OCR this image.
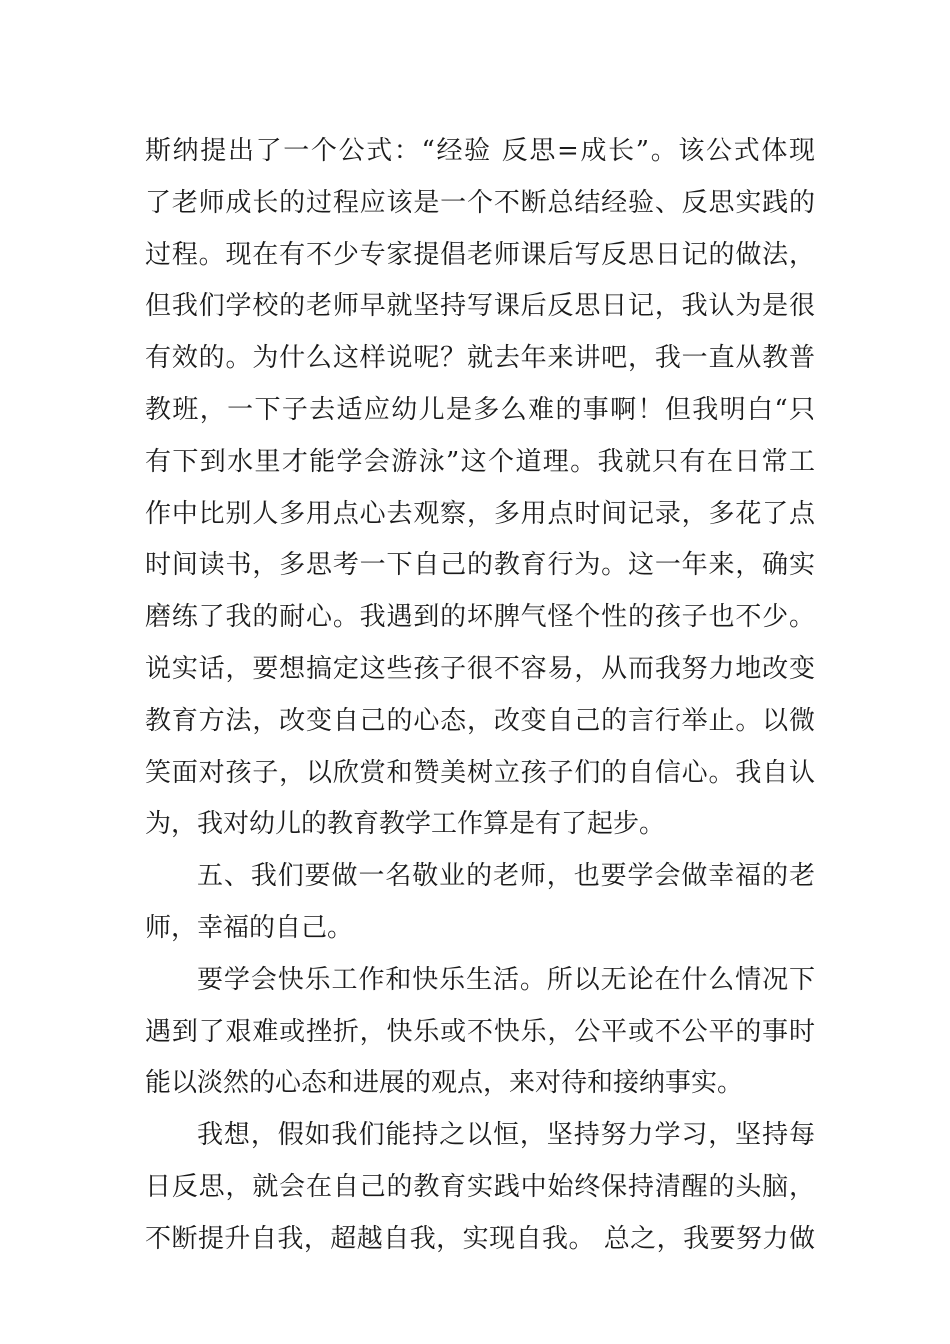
斯纳提出了一个公式：“经验 反思=成长”。该公式体现
了老师成长的过程应该是一个不断总结经验、反思实践的
过程。现在有不少专家提倡老师课后写反思日记的做法，
但我们学校的老师早就坚持写课后反思日记，我认为是很
有效的。为什么这样说呢？就去年来讲吧，我一直从教普
教班，一下子去适应幼儿是多么难的事啊！但我明白“只
有下到水里才能学会游泳”这个道理。我就只有在日常工
作中比别人多用点心去观察，多用点时间记录，多花了点
时间读书，多思考一下自己的教育行为。这一年来，确实
磨练了我的耐心。我遇到的坏脾气怪个性的孩子也不少。
说实话，要想搞定这些孩子很不容易，从而我努力地改变
教育方法，改变自己的心态，改变自己的言行举止。以微
笑面对孩子，以欣赏和赞美树立孩子们的自信心。我自认
为，我对幼儿的教育教学工作算是有了起步。
五、我们要做一名敬业的老师，也要学会做幸福的老
师，幸福的自己。
要学会快乐工作和快乐生活。所以无论在什么情况下
遇到了艰难或挫折，快乐或不快乐，公平或不公平的事时
能以淡然的心态和进展的观点，来对待和接纳事实。
我想，假如我们能持之以恒，坚持努力学习，坚持每
日反思，就会在自己的教育实践中始终保持清醒的头脑，
不断提升自我，超越自我，实现自我。 总之，我要努力做
